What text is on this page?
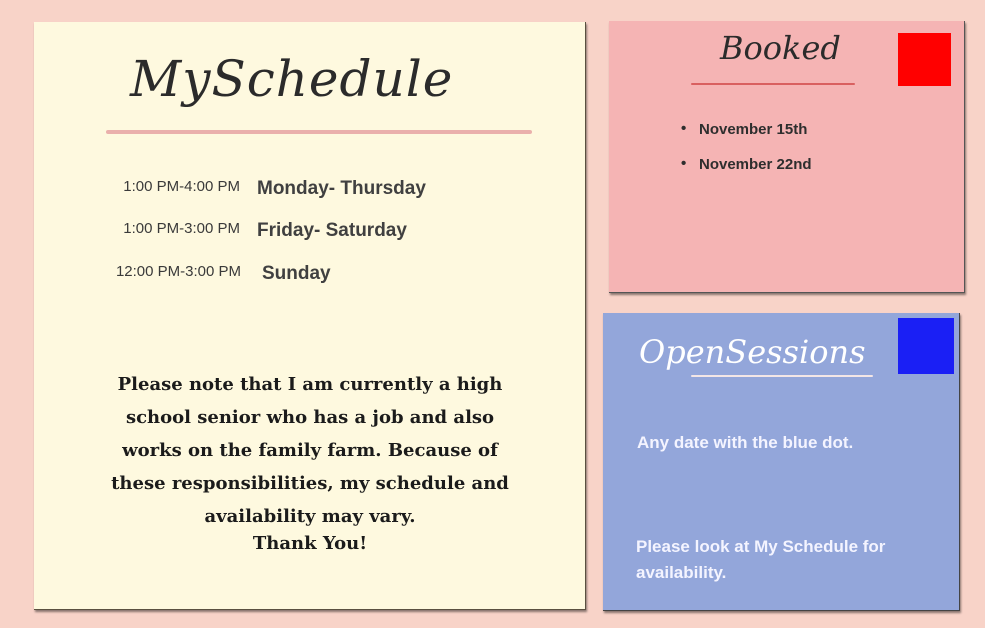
MySchedule
1:00 PM-4:00 PM Monday- Thursday
1:00 PM-3:00 PM Friday- Saturday
12:00 PM-3:00 PM Sunday
Please note that I am currently a high school senior who has a job and also works on the family farm. Because of these responsibilities, my schedule and availability may vary.
Thank You!
Booked
• November 15th
• November 22nd
OpenSessions
Any date with the blue dot.
Please look at My Schedule for availability.
